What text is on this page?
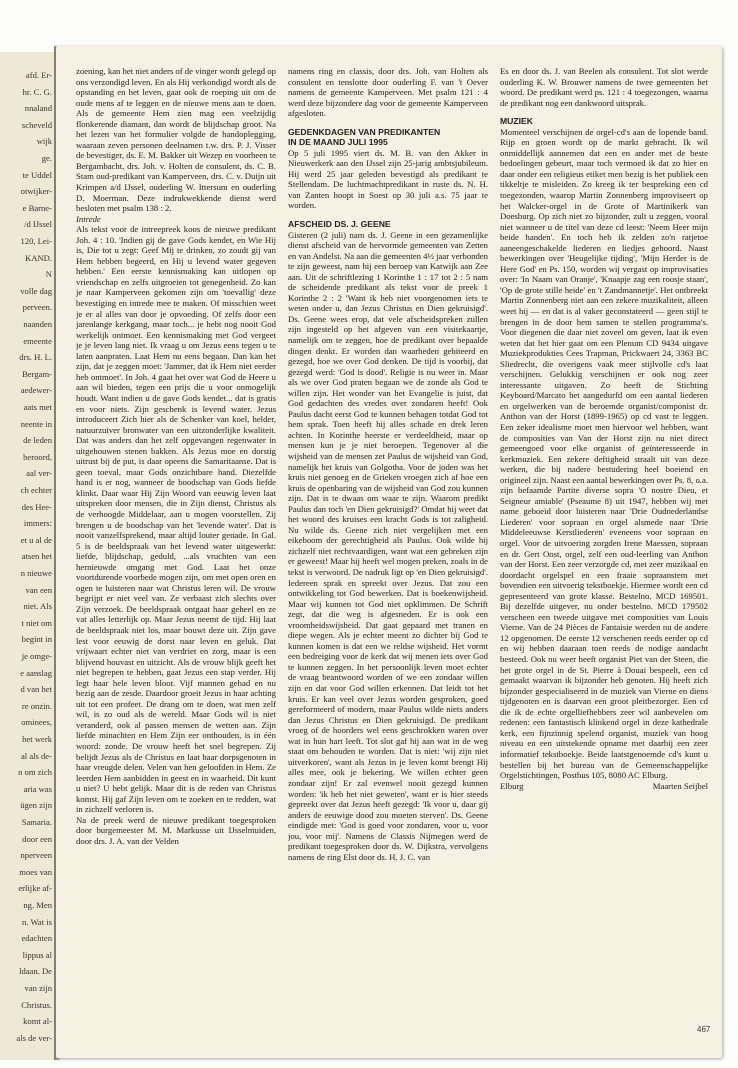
afd. Er-
hr. C. G.
nnaland
scheveld
wijk
ge.
te Uddel
otwijker-
e Barne-
/d IJssel
120, Lei-
KAND.
N
volle dag
perveen.
naanden
emeente
drs. H. L.
Bergam-
aedewer-
aats met
neente in
de leden
beroord,
aal ver-
ch echter
des Hee-
immers:
et u al de
atsen het
n nieuwe
van een
niet. Als
t niet om
begint in
je omge-
e aanslag
d van het
re onzin.
ominees,
het werk
al als de-
n om zich
aria was
ügen zijn
Samaria.
door een
nperveen
moes van
erlijke af-
ng. Men
n. Wat is
edachten
lippus al
ldaan. De
van zijn
Christus.
komt al-
als de ver-

zoening, kan het niet anders of de vinger wordt gelegd op ons verzondigd leven. En als Hij verkondigd wordt als de opstanding en het leven, gaat ook de roeping uit om de oude mens af te leggen en de nieuwe mens aan te doen. Als de gemeente Hem zien mag een veelzijdig flonkerende diamant, dan wordt de blijdschap groot. Na het lezen van het formulier volgde de handoplegging, waaraan zeven personen deelnamen t.w. drs. P. J. Visser de bevestiger, ds. E. M. Bakker uit Wezep en voorheen te Bergambacht, drs. Joh. v. Holten de consulent, ds. C. B. Stam oud-predikant van Kamperveen, drs. C. v. Duijn uit Krimpen a/d IJssel, ouderling W. Ittersum en ouderling D. Moerman. Deze indrukwekkende dienst werd besloten met psalm 138 : 2.

Intrede

Als tekst voor de intreepreek koos de nieuwe predikant Joh. 4 : 10. 'Indien gij de gave Gods kendet, en Wie Hij is, Die tot u zegt: Geef Mij te drinken, zo zoudt gij van Hem hebben begeerd, en Hij u levend water gegeven hebben.' Een eerste kennismaking kan uitlopen op vriendschap en zelfs uitgroeien tot genegenheid. Zo kan je naar Kamperveen gekomen zijn om 'toevallig' deze bevestiging en intrede mee te maken. Of misschien weet je er al alles van door je opvoeding. Of zelfs door een jarenlange kerkgang, maar toch... je hebt nog nooit God werkelijk ontmoet. Een kennismaking met God vergeet je je leven lang niet. Ik vraag u om Jezus eens tegen u te laten aanpraten. Laat Hem nu eens begaan. Dan kan het zijn, dat je zeggen moet: 'Jammer, dat ik Hem niet eerder heb ontmoet'. In Joh. 4 gaat het over wat God de Heere u aan wil bieden, tegen een prijs die u voor onmogelijk houdt. Want indien u de gave Gods kendet... dat is gratis en voor niets. Zijn geschenk is levend water. Jezus introduceert Zich hier als de Schenker van koel, helder, natuurzuiver bronwater van een uitzonderlijke kwaliteit. Dat was anders dan het zelf opgevangen regenwater in uitgehouwen stenen bakken. Als Jezus moe en dorstig uitrust bij de put, is daar opeens die Samaritaanse. Dat is geen toeval, maar Gods onzichtbare hand. Diezelfde hand is er nog, wanneer de boodschap van Gods liefde klinkt. Daar waar Hij Zijn Woord van eeuwig leven laat uitspreken door mensen, die in Zijn dienst, Christus als de verhoogde Middelaar, aan u mogen voorstellen. Zij brengen u de boodschap van het 'levende water'. Dat is nooit vanzelfsprekend, maar altijd louter genade. In Gal. 5 is de beeldspraak van het levend water uitgewerkt: liefde, blijdschap, geduld, ...als vruchten van een hernieuwde omgang met God. Laat het onze voortdurende voorbede mogen zijn, om met open oren en ogen te luisteren naar wat Christus leren wil. De vrouw begrijpt er niet veel van. Ze verbaast zich slechts over Zijn verzoek. De beeldspraak ontgaat haar geheel en ze vat alles letterlijk op. Maar Jezus neemt de tijd. Hij laat de beeldspraak niet los, maar bouwt deze uit. Zijn gave lest voor eeuwig de dorst naar leven en geluk. Dat vrijwaart echter niet van verdriet en zorg, maar is een blijvend houvast en uitzicht. Als de vrouw blijk geeft het niet begrepen te hebben, gaat Jezus een stap verder. Hij legt haar hele leven bloot. Vijf mannen gehad en nu bezig aan de zesde. Daardoor groeit Jezus in haar achting uit tot een profeet. De drang om te doen, wat men zelf wil, is zo oud als de wereld. Maar Gods wil is niet veranderd, ook al passen mensen de wetten aan. Zijn liefde minachten en Hem Zijn eer onthouden, is in één woord: zonde. De vrouw heeft het snel begrepen. Zij belijdt Jezus als de Christus en laat haar dorpsgenoten in haar vreugde delen. Velen van hen geloofden in Hem. Ze leerden Hem aanbidden in geest en in waarheid. Dit kunt u niet? U hebt gelijk. Maar dit is de reden van Christus komst. Hij gaf Zijn leven om te zoeken en te redden, wat in zichzelf verloren is.

Na de preek werd de nieuwe predikant toegesproken door burgemeester M. M. Markusse uit IJsselmuiden, door drs. J. A. van der Velden

namens ring en classis, door drs. Joh. van Holten als consulent en tenslotte door ouderling F. van 't Oever namens de gemeente Kamperveen. Met psalm 121 : 4 werd deze bijzondere dag voor de gemeente Kamperveen afgesloten.

GEDENKDAGEN VAN PREDIKANTEN
IN DE MAAND JULI 1995

Op 5 juli 1995 viert ds. M. B. van den Akker in Nieuwerkerk aan den IJssel zijn 25-jarig ambtsjubileum. Hij werd 25 jaar geleden bevestigd als predikant te Stellendam. De luchtmachtpredikant in ruste ds. N. H. van Zanten hoopt in Soest op 30 juli a.s. 75 jaar te worden.

AFSCHEID DS. J. GEENE

Gisteren (2 juli) nam ds. J. Geene in een gezamenlijke dienst afscheid van de hervormde gemeenten van Zetten en van Andelst. Na aan die gemeenten 4½ jaar verbonden te zijn geweest, nam hij een beroep van Katwijk aan Zee aan. Uit de schriftlezing 1 Korinthe 1 : 17 tot 2 : 5 nam de scheidende predikant als tekst voor de preek 1 Korinthe 2 : 2 'Want ik heb niet voorgenomen iets te weten onder u, dan Jezus Christus en Dien gekruisigd'. Ds. Geene wees erop, dat vele afscheidspreken zullen zijn ingesteld op het afgeven van een visitekaartje, namelijk om te zeggen, hoe de predikant over bepaalde dingen denkt. Er worden dan waarheden gebiteerd en gezegd, hoe we over God denken. De tijd is voorbij, dat gezegd werd: 'God is dood'. Religie is nu weer in. Maar als we over God praten begaan we de zonde als God te willen zijn. Het wonder van het Evangelie is juist, dat God gedachten des vredes over zondaren heeft! Ook Paulus dacht eerst God te kunnen behagen totdat God tot hem sprak. Toen heeft hij alles schade en drek leren achten. In Korinthe heerste er verdeeldheid, maar op mensen kun je je niet beroepen. Tegenover al die wijsheid van de mensen zet Paulus de wijsheid van God, namelijk het kruis van Golgotha. Voor de joden was het kruis niet genoeg en de Grieken vroegen zich af hoe een kruis de openbaring van de wijsheid van God zou kunnen zijn. Dat is te dwaas om waar te zijn. Waarom predikt Paulus dan toch 'en Dien gekruisigd?' Omdat hij weet dat het woord des kruises een kracht Gods is tot zaligheid. Nu wilde ds. Geene zich niet vergelijken met een eikeboom der gerechtigheid als Paulus. Ook wilde hij zichzelf niet rechtvaardigen, want wat een gebreken zijn er geweest! Maar hij heeft wel mogen preken, zoals in de tekst is verwoord. De nadruk ligt op 'en Dien gekruisigd'. Iedereen sprak en spreekt over Jezus. Dat zou een ontwikkeling tot God bewerken. Dat is boekenwijsheid. Maar wij kunnen tot God niet opklimmen. De Schrift zegt, dat die weg is afgesneden. Er is ook een vroomheidswijsheid. Dat gaat gepaard met tranen en diepe wegen. Als je echter meent zo dichter bij God te kunnen komen is dat een we reldse wijsheid. Het vormt een bedreiging voor de kerk dat wij menen iets over God te kunnen zeggen. In het persoonlijk leven moet echter de vraag beantwoord worden of we een zondaar willen zijn en dat voor God willen erkennen. Dat leidt tot het kruis. Er kan veel over Jezus worden gesproken, goed gereformeerd of modern, maar Paulus wilde niets anders dan Jezus Christus en Dien gekruisigd. De predikant vroeg of de hoorders wel eens geschrokken waren over wat in hun hart leeft. Tot slot gaf hij aan wat in de weg staat om behouden te worden. Dat is niet: 'wij zijn niet uitverkoren', want als Jezus in je leven komt brengt Hij alles mee, ook je bekering. We willen echter geen zondaar zijn! Er zal evenwel nooit gezegd kunnen worden: 'ik heb het niet geweten', want er is hier steeds gepreekt over dat Jezus heeft gezegd: 'Ik voor u, daar gij anders de eeuwige dood zou moeten sterven'. Ds. Geene eindigde met: 'God is goed voor zondaren, voor u, voor jou, voor mij'. Namens de Classis Nijmegen werd de predikant toegesproken door ds. W. Dijkstra, vervolgens namens de ring Elst door ds. H. J. C. van

Es en door ds. J. van Beelen als consulent. Tot slot werde ouderling K. W. Brouwer namens de twee gemeenten het woord. De predikant werd ps. 121 : 4 toegezongen, waarna de predikant nog een dankwoord uitsprak.

MUZIEK

Momenteel verschijnen de orgel-cd's aan de lopende band. Rijp en groen wordt op de markt gebracht. Ik wil onmiddellijk aannemen dat een en ander met de beste bedoelingen gebeurt, maar toch vermoed ik dat zo hier en daar onder een religieus etiket men bezig is het publiek een tikkeltje te misleiden. Zo kreeg ik ter bespreking een cd toegezonden, waarop Martin Zonnenberg improviseert op het Walcker-orgel in de Grote of Martinikerk van Doesburg. Op zich niet zo bijzonder, zult u zeggen, vooral niet wanneer u de titel van deze cd leest: 'Neem Heer mijn beide handen'. En toch heb ik zelden zo'n ratjetoe aaneengeschakelde liederen en liedjes gehoord. Naast bewerkingen over 'Heugelijke tijding', 'Mijn Herder is de Here God' en Ps. 150, worden wij vergast op improvisaties over: 'In Naam van Oranje', 'Knaapje zag een roosje staan', 'Op de grote stille heide' en 't Zandmannetje'. Het ontbreekt Martin Zonnenberg niet aan een zekere muzikaliteit, alleen weet hij — en dat is al vaker geconstateerd — geen stijl te brengen in de door hem samen te stellen programma's. Voor diegenen die daar niet zoveel om geven, laat ik even weten dat het hier gaat om een Plenum CD 9434 uitgave Muziekprodukties Cees Trapman, Prickwaert 24, 3363 BC Sliedrecht, die overigens vaak meer stijlvolle cd's laat verschijnen. Gelukkig verschijnen er ook nog zeer interessante uitgaven. Zo heeft de Stichting Keyboard/Marcato het aangedurfd om een aantal liederen en orgelwerken van de beroemde organist/componist dr. Anthon van der Horst (1899-1965) op cd vast te leggen. Een zeker idealisme moet men hiervoor wel hebben, want de composities van Van der Horst zijn nu niet direct gemeengoed voor elke organist of geïnteresseerde in kerkmuziek. Een zekere deftigheid straalt uit van deze werken, die bij nadere bestudering heel boeiend en origineel zijn. Naast een aantal bewerkingen over Ps. 8, o.a. zijn befaamde Partite diverse sopra 'O nostre Dieu, et Seigneur amiable' (Pseaume 8) uit 1947, hebben wij met name geboeid door luisteren naar 'Drie Oudnederlandse Liederen' voor sopraan en orgel alsmede naar 'Drie Middeleeuwse Kerstliederen' eveneens voor sopraan en orgel. Voor de uitvoering zorgden Irene Maessen, sopraan en dr. Gert Oost, orgel, zelf een oud-leerling van Anthon van der Horst. Een zeer verzorgde cd, met zeer muzikaal en doordacht orgelspel en een fraaie sopraanstem met bovendien een uitvoerig tekstboekje. Hiermee wordt een cd gepresenteerd van grote klasse. Bestelno. MCD 169501. Bij dezelfde uitgever, nu onder bestelno. MCD 179502 verscheen een tweede uitgave met composities van Louis Vierne. Van de 24 Pièces de Fantaisie werden nu de andere 12 opgenomen. De eerste 12 verschenen reeds eerder op cd en wij hebben daaraan toen reeds de nodige aandacht besteed. Ook nu weer heeft organist Piet van der Steen, die het grote orgel in de St. Pierre à Douai bespeelt, een cd gemaakt waarvan ik bijzonder heb genoten. Hij heeft zich bijzonder gespecialiseerd in de muziek van Vierne en diens tijdgenoten en is daarvan een groot pleitbezorger. Een cd die ik de echte orgelliefhebbers zeer wil aanbevelen om redenen: een fantastisch klinkend orgel in deze kathedrale kerk, een fijnzinnig spelend organist, muziek van hoog niveau en een uitstekende opname met daarbij een zeer informatief tekstboekje. Beide laatstgenoemde cd's kunt u bestellen bij het bureau van de Gemeenschappelijke Orgelstichtingen, Postbus 105, 8080 AC Elburg.

Elburg	Maarten Seijbel
467
